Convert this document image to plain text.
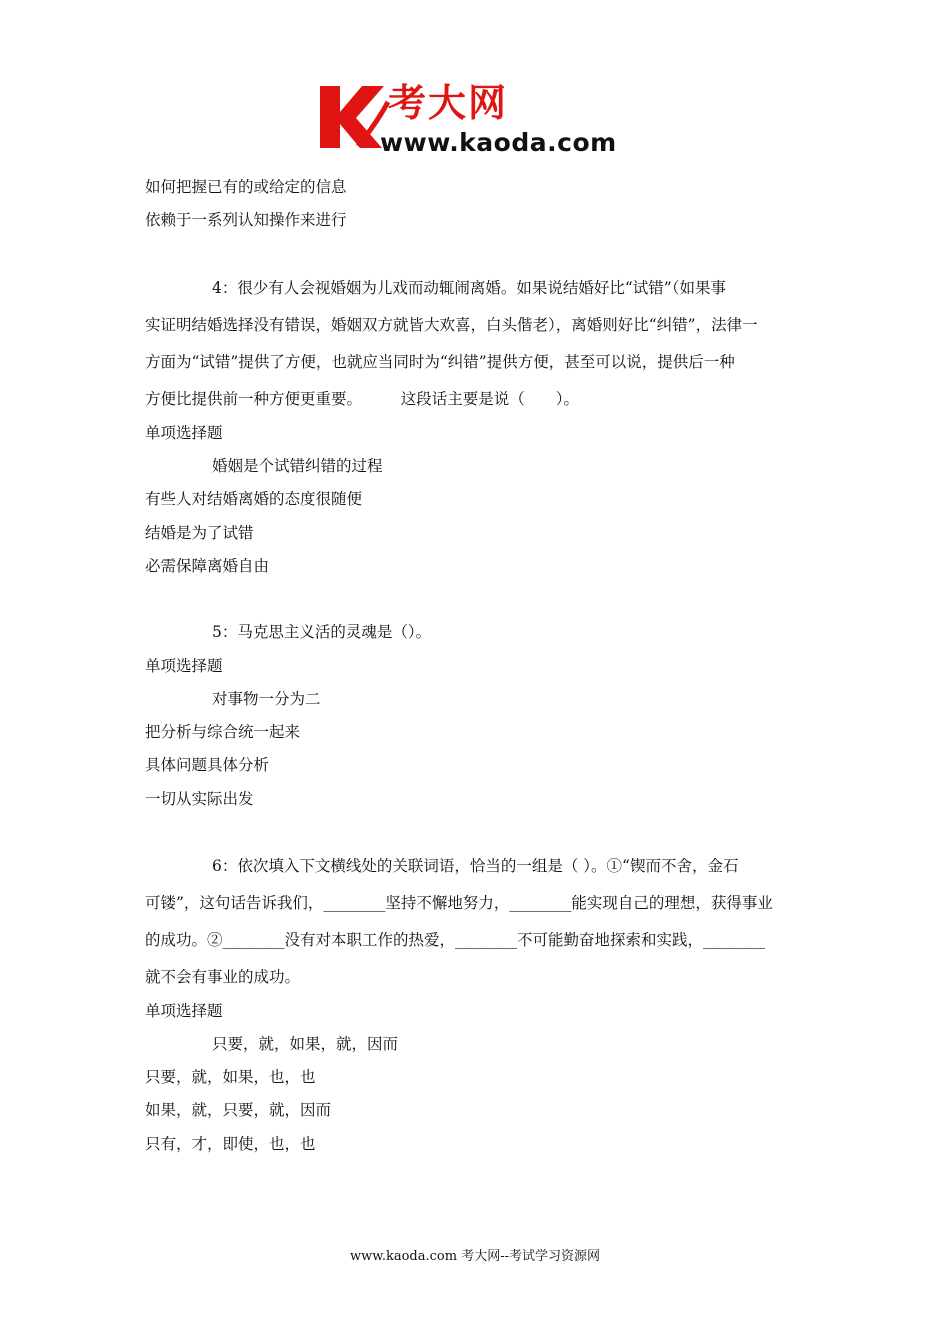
考大网
www.kaoda.com
如何把握已有的或给定的信息
依赖于一系列认知操作来进行
4：很少有人会视婚姻为儿戏而动辄闹离婚。如果说结婚好比“试错”（如果事
实证明结婚选择没有错误，婚姻双方就皆大欢喜，白头偕老），离婚则好比“纠错”，法律一
方面为“试错”提供了方便，也就应当同时为“纠错”提供方便，甚至可以说，提供后一种
方便比提供前一种方便更重要。　　　这段话主要是说（　　）。
单项选择题
婚姻是个试错纠错的过程
有些人对结婚离婚的态度很随便
结婚是为了试错
必需保障离婚自由
5：马克思主义活的灵魂是（）。
单项选择题
对事物一分为二
把分析与综合统一起来
具体问题具体分析
一切从实际出发
6：依次填入下文横线处的关联词语，恰当的一组是（ ）。①“锲而不舍，金石
可镂”，这句话告诉我们，________坚持不懈地努力，________能实现自己的理想，获得事业
的成功。②________没有对本职工作的热爱，________不可能勤奋地探索和实践，________
就不会有事业的成功。
单项选择题
只要，就，如果，就，因而
只要，就，如果，也，也
如果，就，只要，就，因而
只有，才，即使，也，也
www.kaoda.com 考大网--考试学习资源网
